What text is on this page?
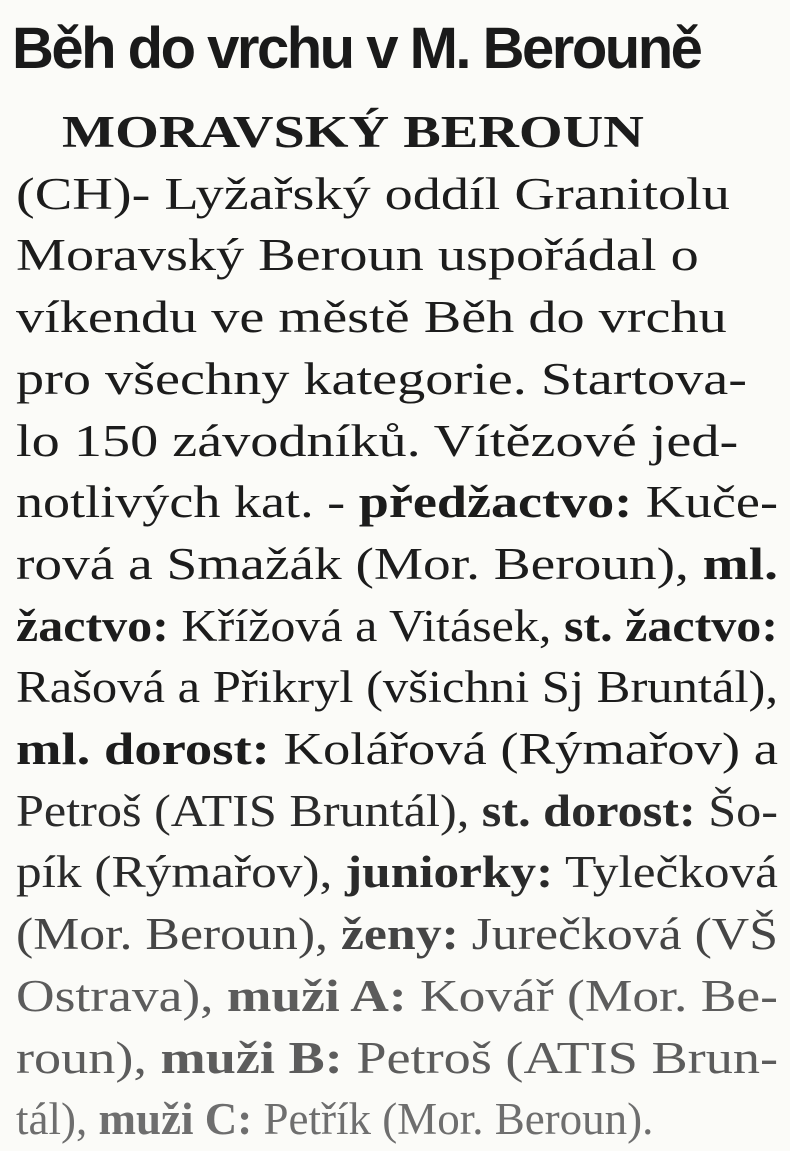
Běh do vrchu v M. Berouně
MORAVSKÝ BEROUN
(CH)- Lyžařský oddíl Granitolu
Moravský Beroun uspořádal o
víkendu ve městě Běh do vrchu
pro všechny kategorie. Startova-
lo 150 závodníků. Vítězové jed-
notlivých kat. - předžactvo: Kuče-
rová a Smažák (Mor. Beroun), ml.
žactvo: Křížová a Vitásek, st. žactvo:
Rašová a Přikryl (všichni Sj Bruntál),
ml. dorost: Kolářová (Rýmařov) a
Petroš (ATIS Bruntál), st. dorost: Šo-
pík (Rýmařov), juniorky: Tylečková
(Mor. Beroun), ženy: Jurečková (VŠ
Ostrava), muži A: Kovář (Mor. Be-
roun), muži B: Petroš (ATIS Brun-
tál), muži C: Petřík (Mor. Beroun).
